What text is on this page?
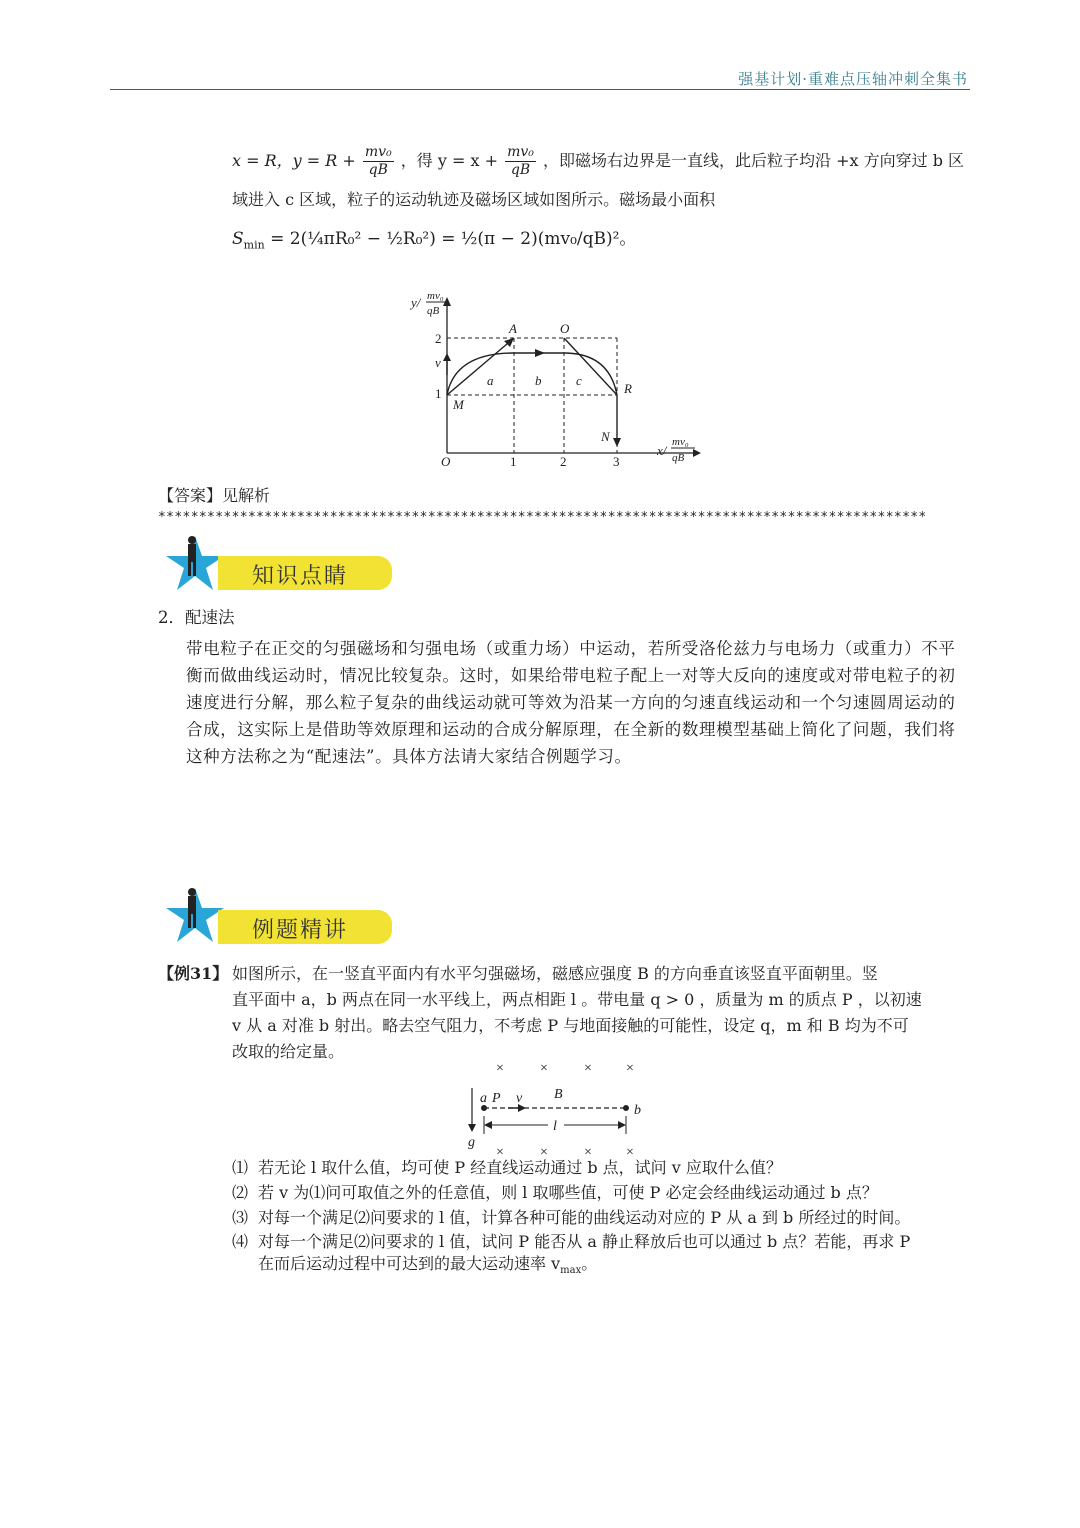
强基计划·重难点压轴冲刺全集书
x = R，$y = R + \frac{\text{mv₀}}{qB}$ ，得 $y = x + \frac{\text{mv₀}}{qB}$ ，即磁场右边界是一直线，此后粒子均沿 +x 方向穿过 b 区
域进入 c 区域，粒子的运动轨迹及磁场区域如图所示。磁场最小面积
$S_{min}$ = 2(¼πR₀² − ½R₀²) = ½(π − 2)(mv₀/qB)²。
y/ mv₀
qB
2
1
v
O	1	2	3
A	O
M
R
N
a	b	c
x/
mv₀
qB
【答案】见解析
**********************************************************************************************
知识点睛
2．配速法
带电粒子在正交的匀强磁场和匀强电场（或重力场）中运动，若所受洛伦兹力与电场力（或重力）不平衡而做曲线运动时，情况比较复杂。这时，如果给带电粒子配上一对等大反向的速度或对带电粒子的初速度进行分解，那么粒子复杂的曲线运动就可等效为沿某一方向的匀速直线运动和一个匀速圆周运动的合成，这实际上是借助等效原理和运动的合成分解原理，在全新的数理模型基础上简化了问题，我们将这种方法称之为“配速法”。具体方法请大家结合例题学习。
例题精讲
【例31】 如图所示，在一竖直平面内有水平匀强磁场，磁感应强度 B 的方向垂直该竖直平面朝里。竖
直平面中 a，b 两点在同一水平线上，两点相距 l 。带电量 q > 0 ，质量为 m 的质点 P ，以初速
v 从 a 对准 b 射出。略去空气阻力，不考虑 P 与地面接触的可能性，设定 q，m 和 B 均为不可
改取的给定量。
×	×	× ×
×	×	× ×
g
a P v B
b
l
⑴ 若无论 l 取什么值，均可使 P 经直线运动通过 b 点，试问 v 应取什么值？
⑵ 若 v 为⑴问可取值之外的任意值，则 l 取哪些值，可使 P 必定会经曲线运动通过 b 点？
⑶ 对每一个满足⑵问要求的 l 值，计算各种可能的曲线运动对应的 P 从 a 到 b 所经过的时间。
⑷ 对每一个满足⑵问要求的 l 值，试问 P 能否从 a 静止释放后也可以通过 b 点？若能，再求 P
在而后运动过程中可达到的最大运动速率 $v_{max}$。
